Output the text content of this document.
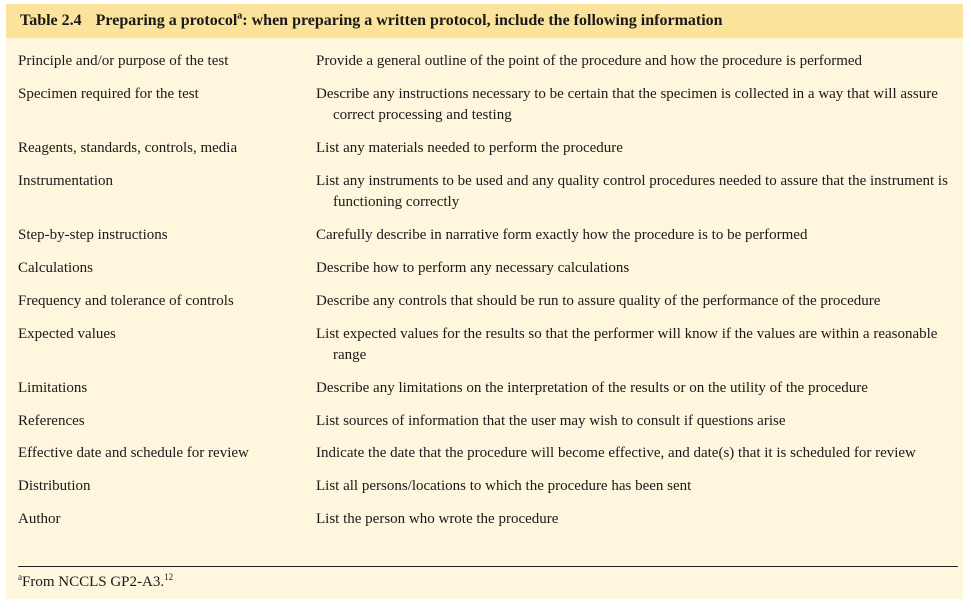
Table 2.4 Preparing a protocol$^a$: when preparing a written protocol, include the following information
Principle and/or purpose of the test	Provide a general outline of the point of the procedure and how the procedure is performed
Specimen required for the test	Describe any instructions necessary to be certain that the specimen is collected in a way that will assure correct processing and testing
Reagents, standards, controls, media	List any materials needed to perform the procedure
Instrumentation	List any instruments to be used and any quality control procedures needed to assure that the instrument is functioning correctly
Step-by-step instructions	Carefully describe in narrative form exactly how the procedure is to be performed
Calculations	Describe how to perform any necessary calculations
Frequency and tolerance of controls	Describe any controls that should be run to assure quality of the performance of the procedure
Expected values	List expected values for the results so that the performer will know if the values are within a reasonable range
Limitations	Describe any limitations on the interpretation of the results or on the utility of the procedure
References	List sources of information that the user may wish to consult if questions arise
Effective date and schedule for review	Indicate the date that the procedure will become effective, and date(s) that it is scheduled for review
Distribution	List all persons/locations to which the procedure has been sent
Author	List the person who wrote the procedure
$^a$From NCCLS GP2-A3.12
